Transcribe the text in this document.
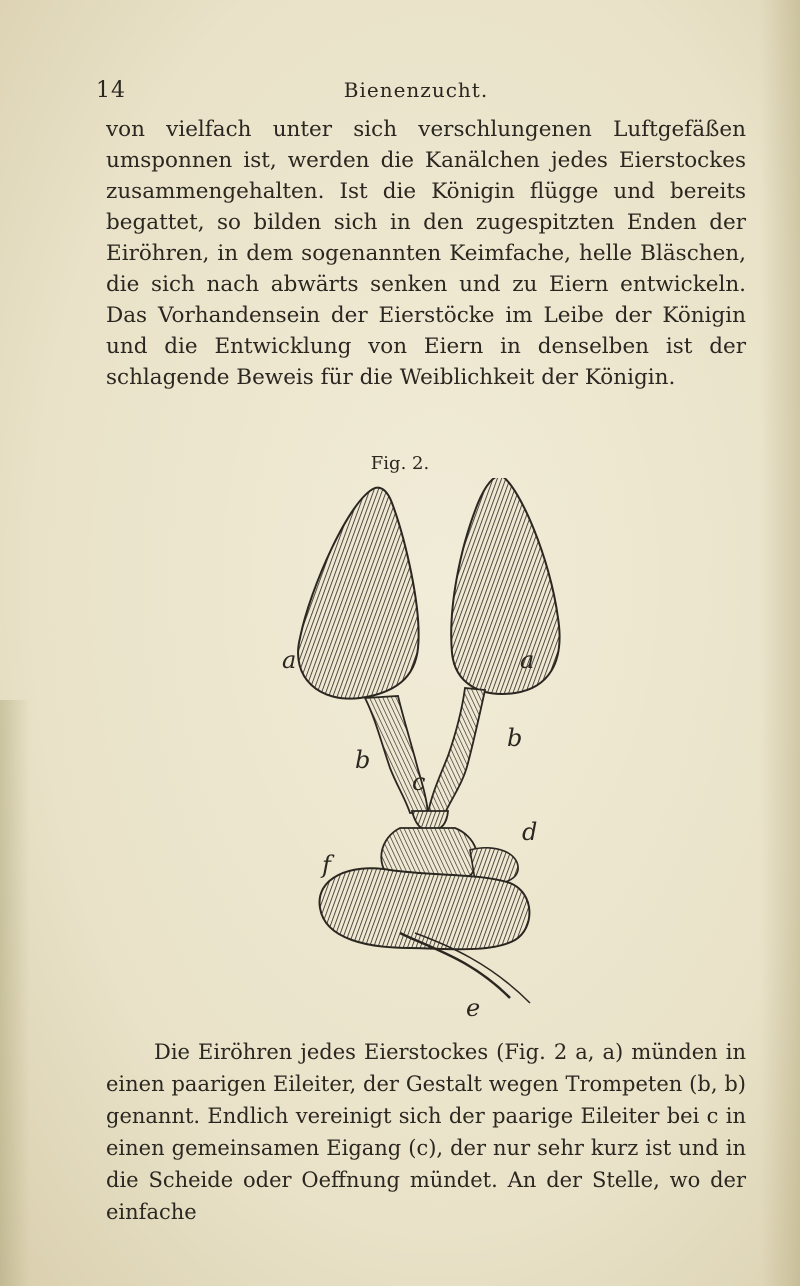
14	Bienenzucht.
von vielfach unter sich verschlungenen Luftgefäßen umsponnen ist, werden die Kanälchen jedes Eierstockes zusammengehalten. Ist die Königin flügge und bereits begattet, so bilden sich in den zugespitzten Enden der Eiröhren, in dem sogenannten Keimfache, helle Bläschen, die sich nach abwärts senken und zu Eiern entwickeln. Das Vorhandensein der Eierstöcke im Leibe der Königin und die Entwicklung von Eiern in denselben ist der schlagende Beweis für die Weiblichkeit der Königin.
Fig. 2.
a	a
b
b
c
d
e
f
Die Eiröhren jedes Eierstockes (Fig. 2 a, a) münden in einen paarigen Eileiter, der Gestalt wegen Trompeten (b, b) genannt. Endlich vereinigt sich der paarige Eileiter bei c in einen gemeinsamen Eigang (c), der nur sehr kurz ist und in die Scheide oder Oeffnung mündet. An der Stelle, wo der einfache
